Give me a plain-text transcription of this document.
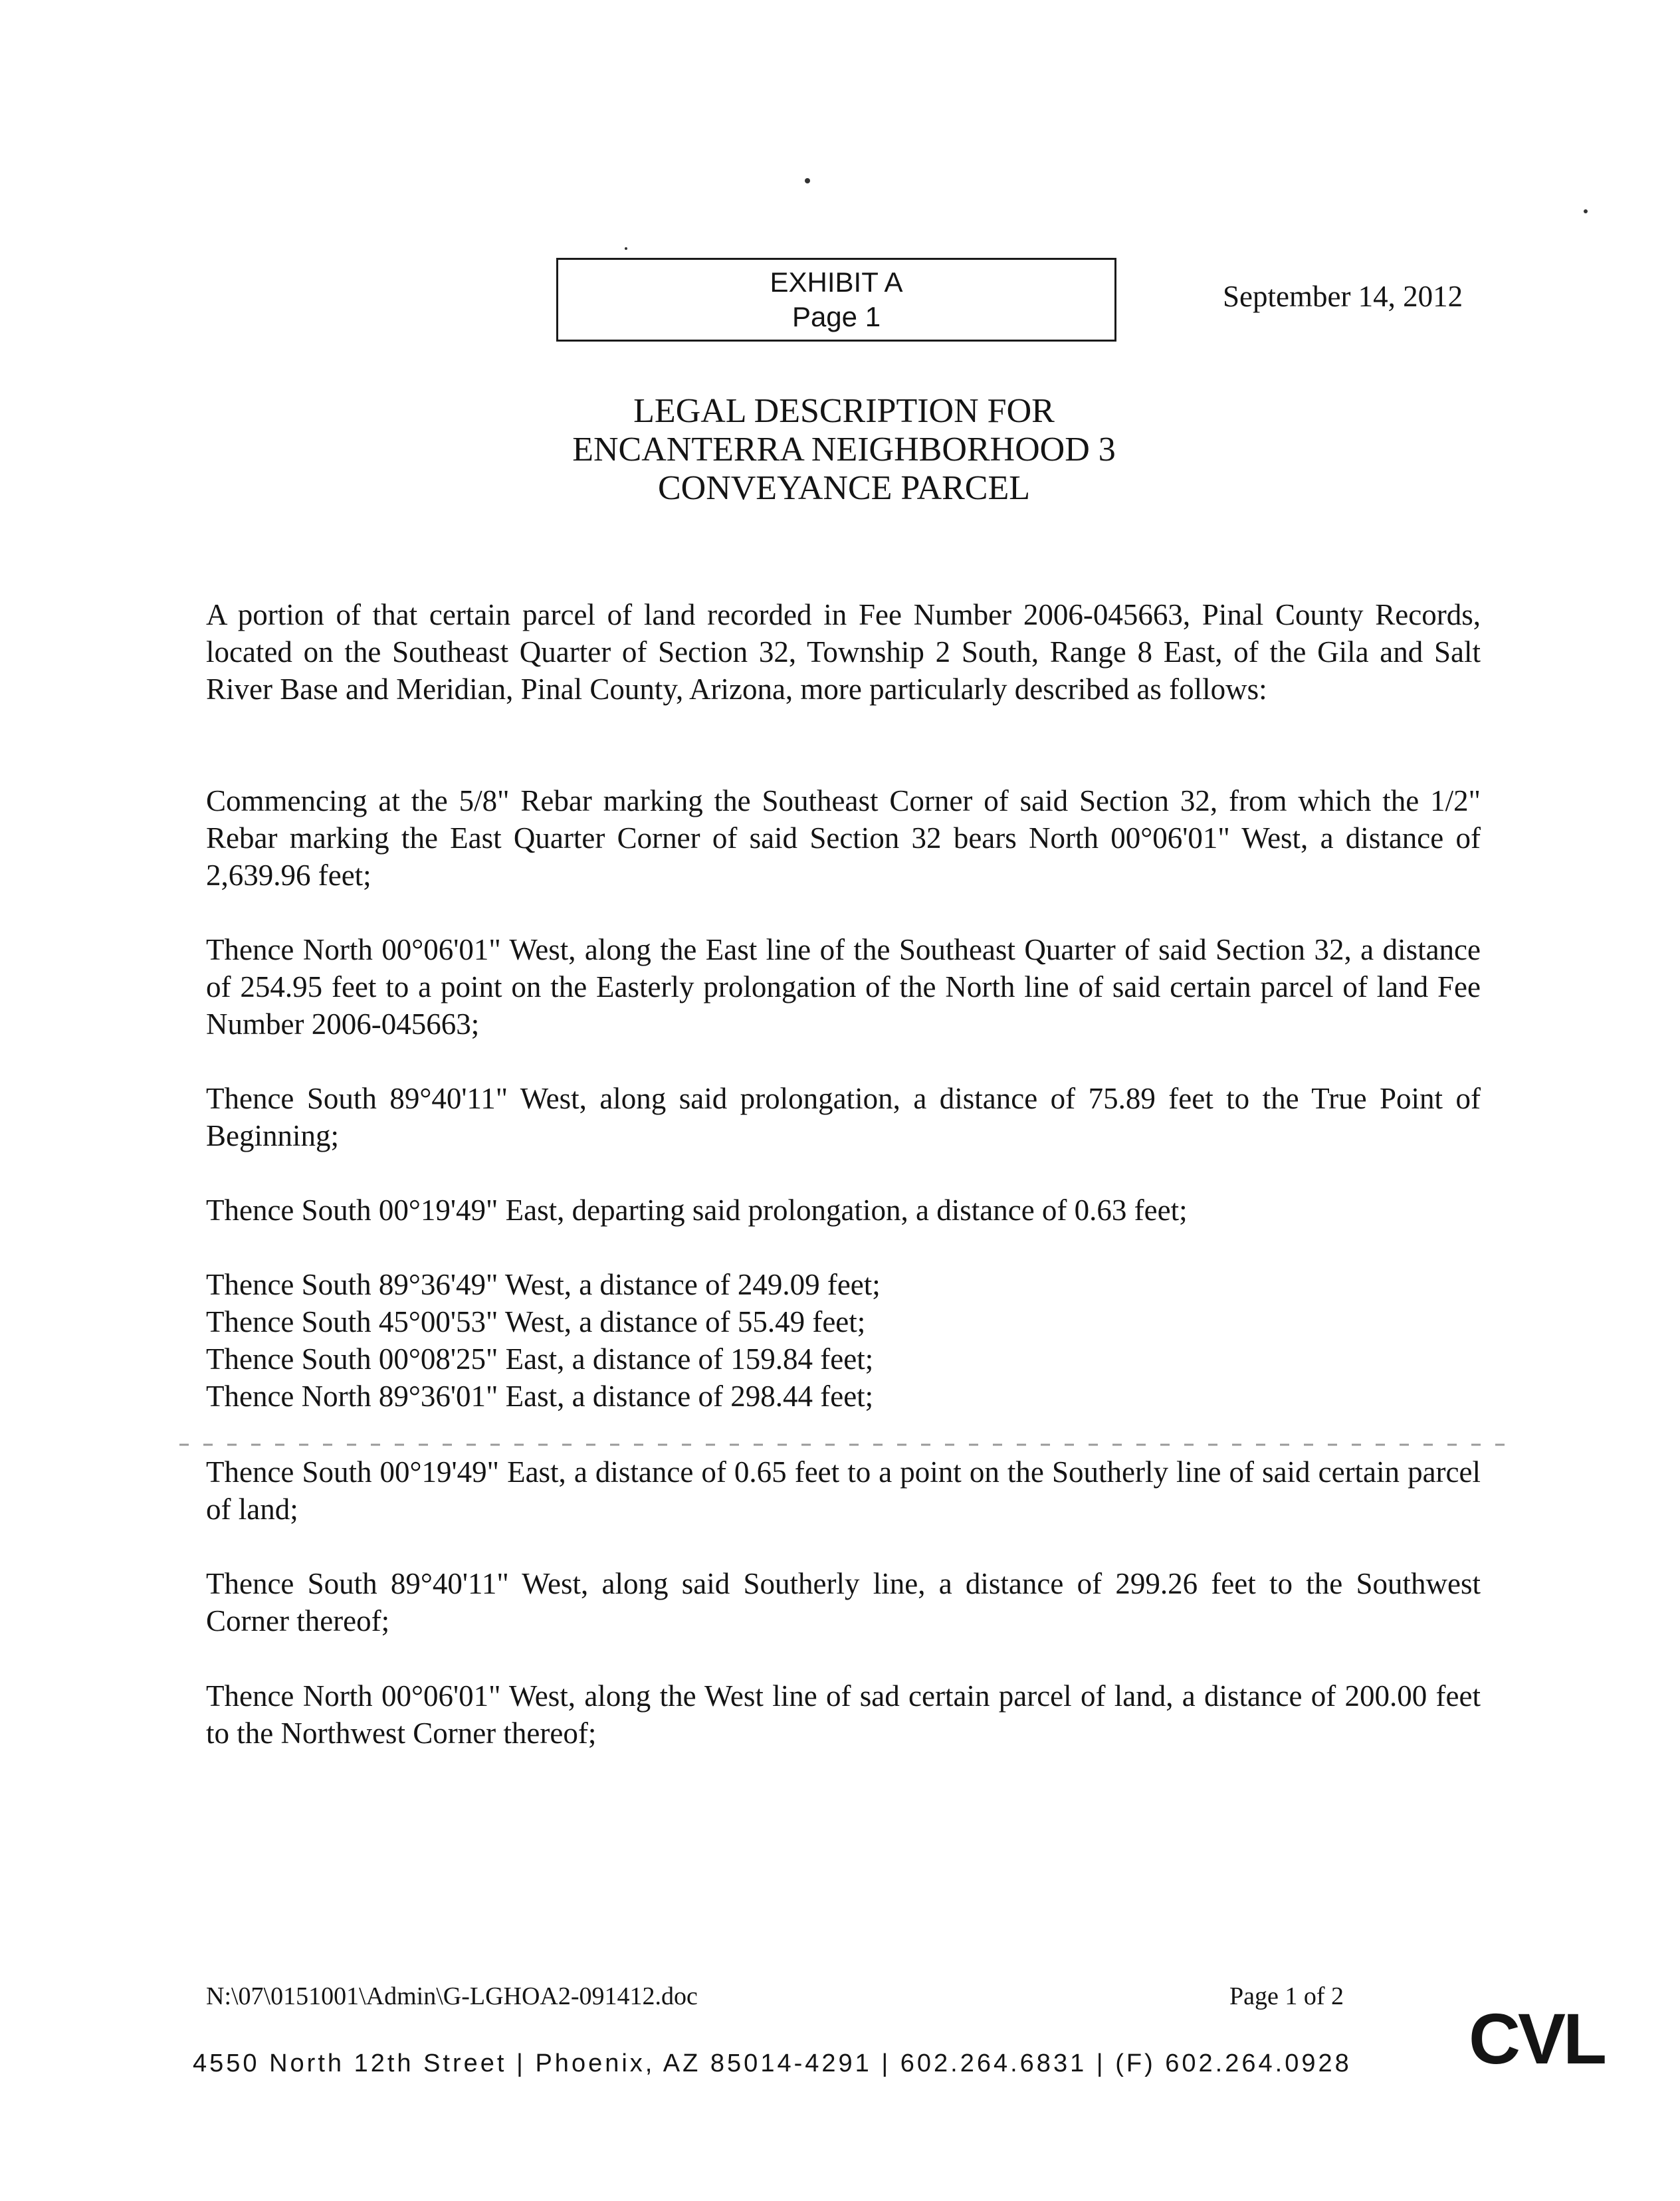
EXHIBIT A
Page 1
September 14, 2012
LEGAL DESCRIPTION FOR
ENCANTERRA NEIGHBORHOOD 3
CONVEYANCE PARCEL

A portion of that certain parcel of land recorded in Fee Number 2006-045663, Pinal County Records, located on the Southeast Quarter of Section 32, Township 2 South, Range 8 East, of the Gila and Salt River Base and Meridian, Pinal County, Arizona, more particularly described as follows:

Commencing at the 5/8" Rebar marking the Southeast Corner of said Section 32, from which the 1/2" Rebar marking the East Quarter Corner of said Section 32 bears North 00°06'01" West, a distance of 2,639.96 feet;

Thence North 00°06'01" West, along the East line of the Southeast Quarter of said Section 32, a distance of 254.95 feet to a point on the Easterly prolongation of the North line of said certain parcel of land Fee Number 2006-045663;

Thence South 89°40'11" West, along said prolongation, a distance of 75.89 feet to the True Point of Beginning;

Thence South 00°19'49" East, departing said prolongation, a distance of 0.63 feet;

Thence South 89°36'49" West, a distance of 249.09 feet;

Thence South 45°00'53" West, a distance of 55.49 feet;

Thence South 00°08'25" East, a distance of 159.84 feet;

Thence North 89°36'01" East, a distance of 298.44 feet;

Thence South 00°19'49" East, a distance of 0.65 feet to a point on the Southerly line of said certain parcel of land;

Thence South 89°40'11" West, along said Southerly line, a distance of 299.26 feet to the Southwest Corner thereof;

Thence North 00°06'01" West, along the West line of sad certain parcel of land, a distance of 200.00 feet to the Northwest Corner thereof;

N:\07\0151001\Admin\G-LGHOA2-091412.doc	Page 1 of 2
4550 North 12th Street | Phoenix, AZ 85014-4291 | 602.264.6831 | (F) 602.264.0928 CVL
